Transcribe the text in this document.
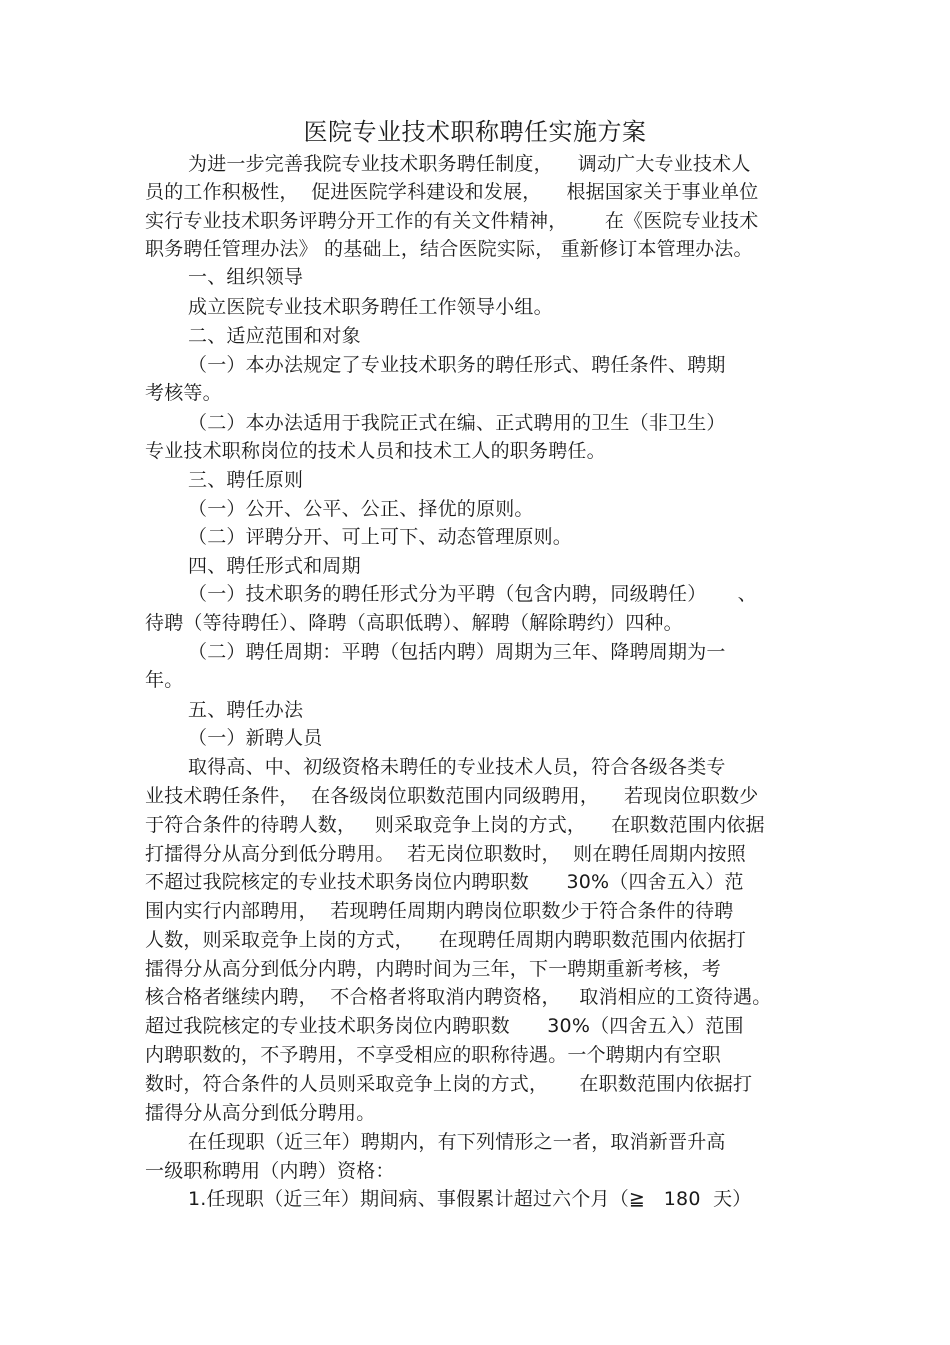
医院专业技术职称聘任实施方案
为进一步完善我院专业技术职务聘任制度，    调动广大专业技术人
员的工作积极性，  促进医院学科建设和发展，    根据国家关于事业单位
实行专业技术职务评聘分开工作的有关文件精神，      在《医院专业技术
职务聘任管理办法》 的基础上，结合医院实际， 重新修订本管理办法。
一、组织领导
成立医院专业技术职务聘任工作领导小组。
二、适应范围和对象
（一）本办法规定了专业技术职务的聘任形式、聘任条件、聘期
考核等。
（二）本办法适用于我院正式在编、正式聘用的卫生（非卫生）
专业技术职称岗位的技术人员和技术工人的职务聘任。
三、聘任原则
（一）公开、公平、公正、择优的原则。
（二）评聘分开、可上可下、动态管理原则。
四、聘任形式和周期
（一）技术职务的聘任形式分为平聘（包含内聘，同级聘任）     、
待聘（等待聘任）、降聘（高职低聘）、解聘（解除聘约）四种。
（二）聘任周期：平聘（包括内聘）周期为三年、降聘周期为一
年。
五、聘任办法
（一）新聘人员
取得高、中、初级资格未聘任的专业技术人员，符合各级各类专
业技术聘任条件，  在各级岗位职数范围内同级聘用，    若现岗位职数少
于符合条件的待聘人数，   则采取竞争上岗的方式，    在职数范围内依据
打擂得分从高分到低分聘用。  若无岗位职数时，  则在聘任周期内按照
不超过我院核定的专业技术职务岗位内聘职数      30%（四舍五入）范
围内实行内部聘用，  若现聘任周期内聘岗位职数少于符合条件的待聘
人数，则采取竞争上岗的方式，    在现聘任周期内聘职数范围内依据打
擂得分从高分到低分内聘，内聘时间为三年，下一聘期重新考核，考
核合格者继续内聘，  不合格者将取消内聘资格，   取消相应的工资待遇。
超过我院核定的专业技术职务岗位内聘职数      30%（四舍五入）范围
内聘职数的，不予聘用，不享受相应的职称待遇。一个聘期内有空职
数时，符合条件的人员则采取竞争上岗的方式，     在职数范围内依据打
擂得分从高分到低分聘用。
在任现职（近三年）聘期内，有下列情形之一者，取消新晋升高
一级职称聘用（内聘）资格：
1.任现职（近三年）期间病、事假累计超过六个月（≧   180  天）
